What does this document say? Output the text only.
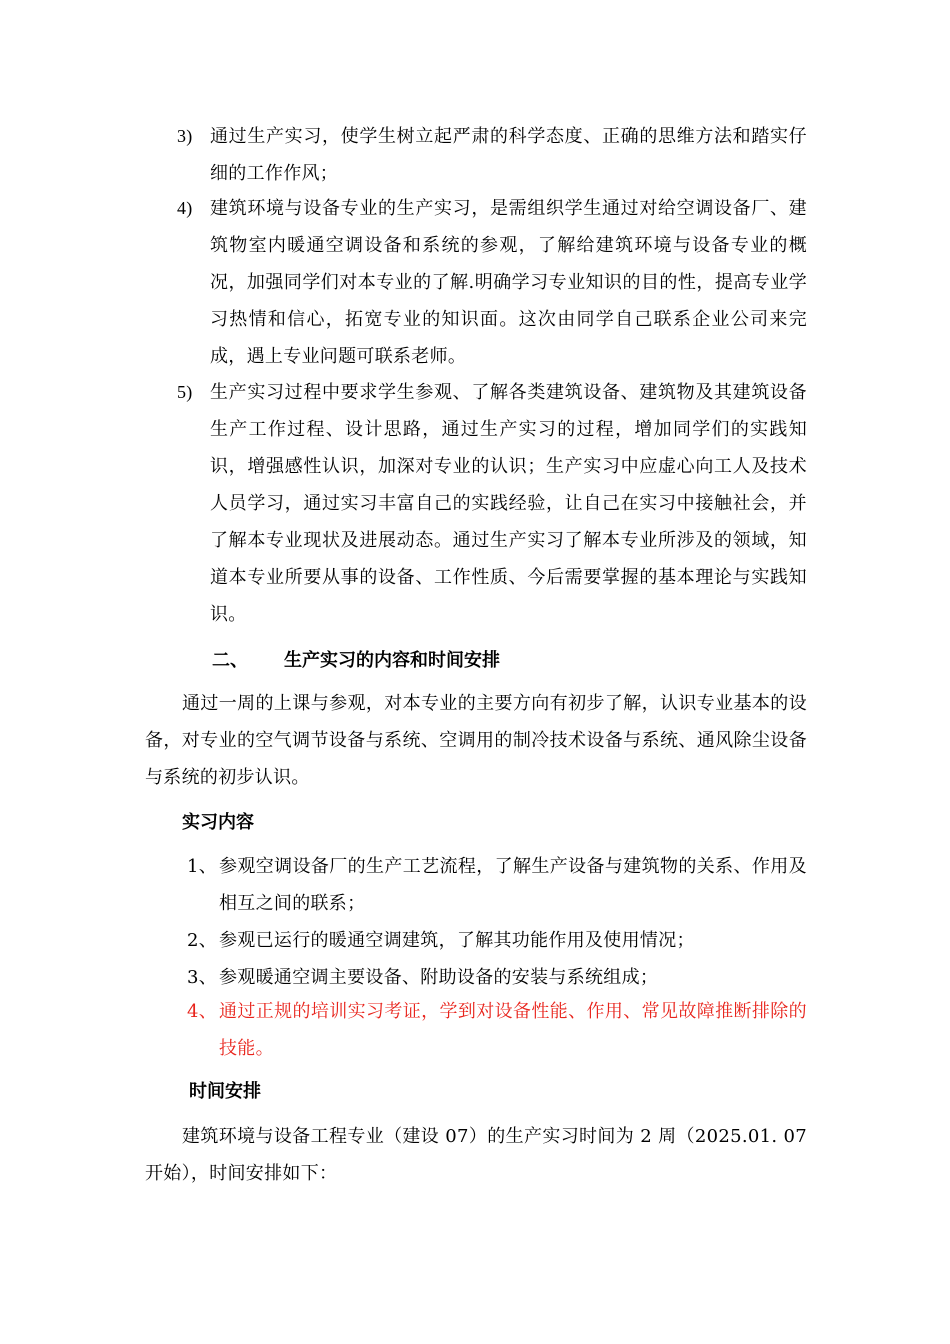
3) 通过生产实习，使学生树立起严肃的科学态度、正确的思维方法和踏实仔细的工作作风；
4) 建筑环境与设备专业的生产实习，是需组织学生通过对给空调设备厂、建筑物室内暖通空调设备和系统的参观，了解给建筑环境与设备专业的概况，加强同学们对本专业的了解.明确学习专业知识的目的性，提高专业学习热情和信心，拓宽专业的知识面。这次由同学自己联系企业公司来完成，遇上专业问题可联系老师。
5) 生产实习过程中要求学生参观、了解各类建筑设备、建筑物及其建筑设备生产工作过程、设计思路，通过生产实习的过程，增加同学们的实践知识，增强感性认识，加深对专业的认识；生产实习中应虚心向工人及技术人员学习，通过实习丰富自己的实践经验，让自己在实习中接触社会，并了解本专业现状及进展动态。通过生产实习了解本专业所涉及的领域，知道本专业所要从事的设备、工作性质、今后需要掌握的基本理论与实践知识。
二、 生产实习的内容和时间安排
通过一周的上课与参观，对本专业的主要方向有初步了解，认识专业基本的设备，对专业的空气调节设备与系统、空调用的制冷技术设备与系统、通风除尘设备与系统的初步认识。
实习内容
1、 参观空调设备厂的生产工艺流程，了解生产设备与建筑物的关系、作用及相互之间的联系；
2、 参观已运行的暖通空调建筑，了解其功能作用及使用情况；
3、 参观暖通空调主要设备、附助设备的安装与系统组成；
4、 通过正规的培训实习考证，学到对设备性能、作用、常见故障推断排除的技能。
时间安排
建筑环境与设备工程专业（建设 07）的生产实习时间为 2 周（2025.01. 07 开始），时间安排如下：
